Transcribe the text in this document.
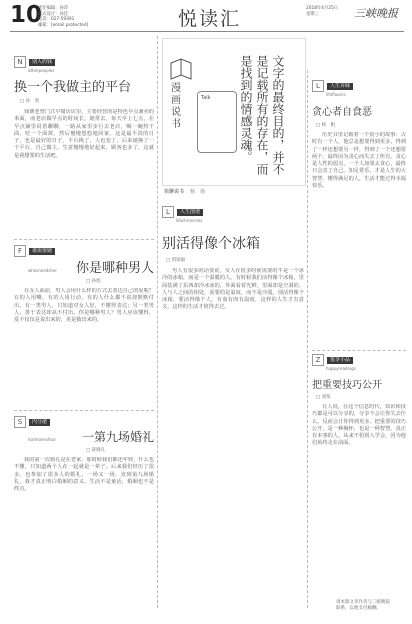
10
责任编辑：孙萍
版式设计：孙佳
电话：027-59391
邮箱：[email protected]	悦读汇	2018年4月25日
星期三	三峡晚报
N	别人的钱
otherpeoples
换一个我做主的平台
□ 孙　勇
钱塘老曾门式早餐店店里，主要经营的是特色早点兼卖的米面，而老店做早点的时间长，她常去。每天早上七点，在早点铺里说着聊聊，一路从家里步行去老店，喝一碗热干面，吃一个面窝，然后慢慢悠悠地回家。这是最平淡的日子，也是最好的日子。平台换了，人也变了，后来她换了一个平台，自己做主，生意慢慢地好起来，顾客也多了，这就是我想要的生活吧。
F	谁需要她
whosneedsher 你是哪种男人
□ 孙旭
在女人面前，男人会用什么样的方式去表达自己的爱呢？有的人用嘴，有的人用行动，有的人什么都不说却默默付出。有一类男人，只知道对女人好，不懂得表达；另一类男人，善于表达却从不付出。你是哪种男人？男人应该懂得，爱不仅仅是说出来的，更是做出来的。
S	内分泌
hormonesfour 一第九场婚礼
□ 聂晓凡
我的第一次婚礼是在老家，那时候我们都还年轻，什么也不懂，只知道两个人在一起就是一辈子。后来我们经历了很多，也参加了很多人的婚礼，一场又一场，直到第九场婚礼，我才真正明白婚姻的意义。生活不是童话，婚姻也不是终点。
漫
画
说
书
Talk	文字的最终目的，并不
是记载所有的存在，而
是找到的情感灵魂。
快聊说书 杨　扬
L	人生图谱
lifechronicles
别活得像个冰箱
□ 周梁毅
男人有很多的话要说，女人在很多时候需要的不是一个冰冷的冰箱，而是一个温暖的人。有时候我们活得像个冰箱，里面装满了东西却冷冰冰的，外面看着光鲜，里面却是空洞的。人与人之间的相处，需要的是温度，而不是冷漠。别活得像个冰箱，要活得像个人，有血有肉有温度，这样的人生才有意义，这样的生活才值得去过。
L	人生百味
lifeflavors
贪心者自食恶
□ 杨　帆
历史书里记载着一个很小的故事：古时有一个人，他总是想要得到更多，得到了一样还想要另一样，得到了一个还想要两个，最终因为贪心而失去了所有。贪心是人性的弱点，一个人如果太贪心，最终只会害了自己。知足常乐，才是人生的大智慧。懂得满足的人，生活才能过得幸福快乐。
Z	悦享小品
happyreadings
把重要技巧公开
□ 刘鉴
有人说，在这个信息时代，知识和技巧都是可以分享的，分享不会让你失去什么，反而会让你得到更多。把重要的技巧公开，是一种胸怀，也是一种智慧。真正有本事的人，从来不怕别人学会，因为他们始终走在前面。
请本版文章作者与三峡晚报
联系，以便支付稿酬。
